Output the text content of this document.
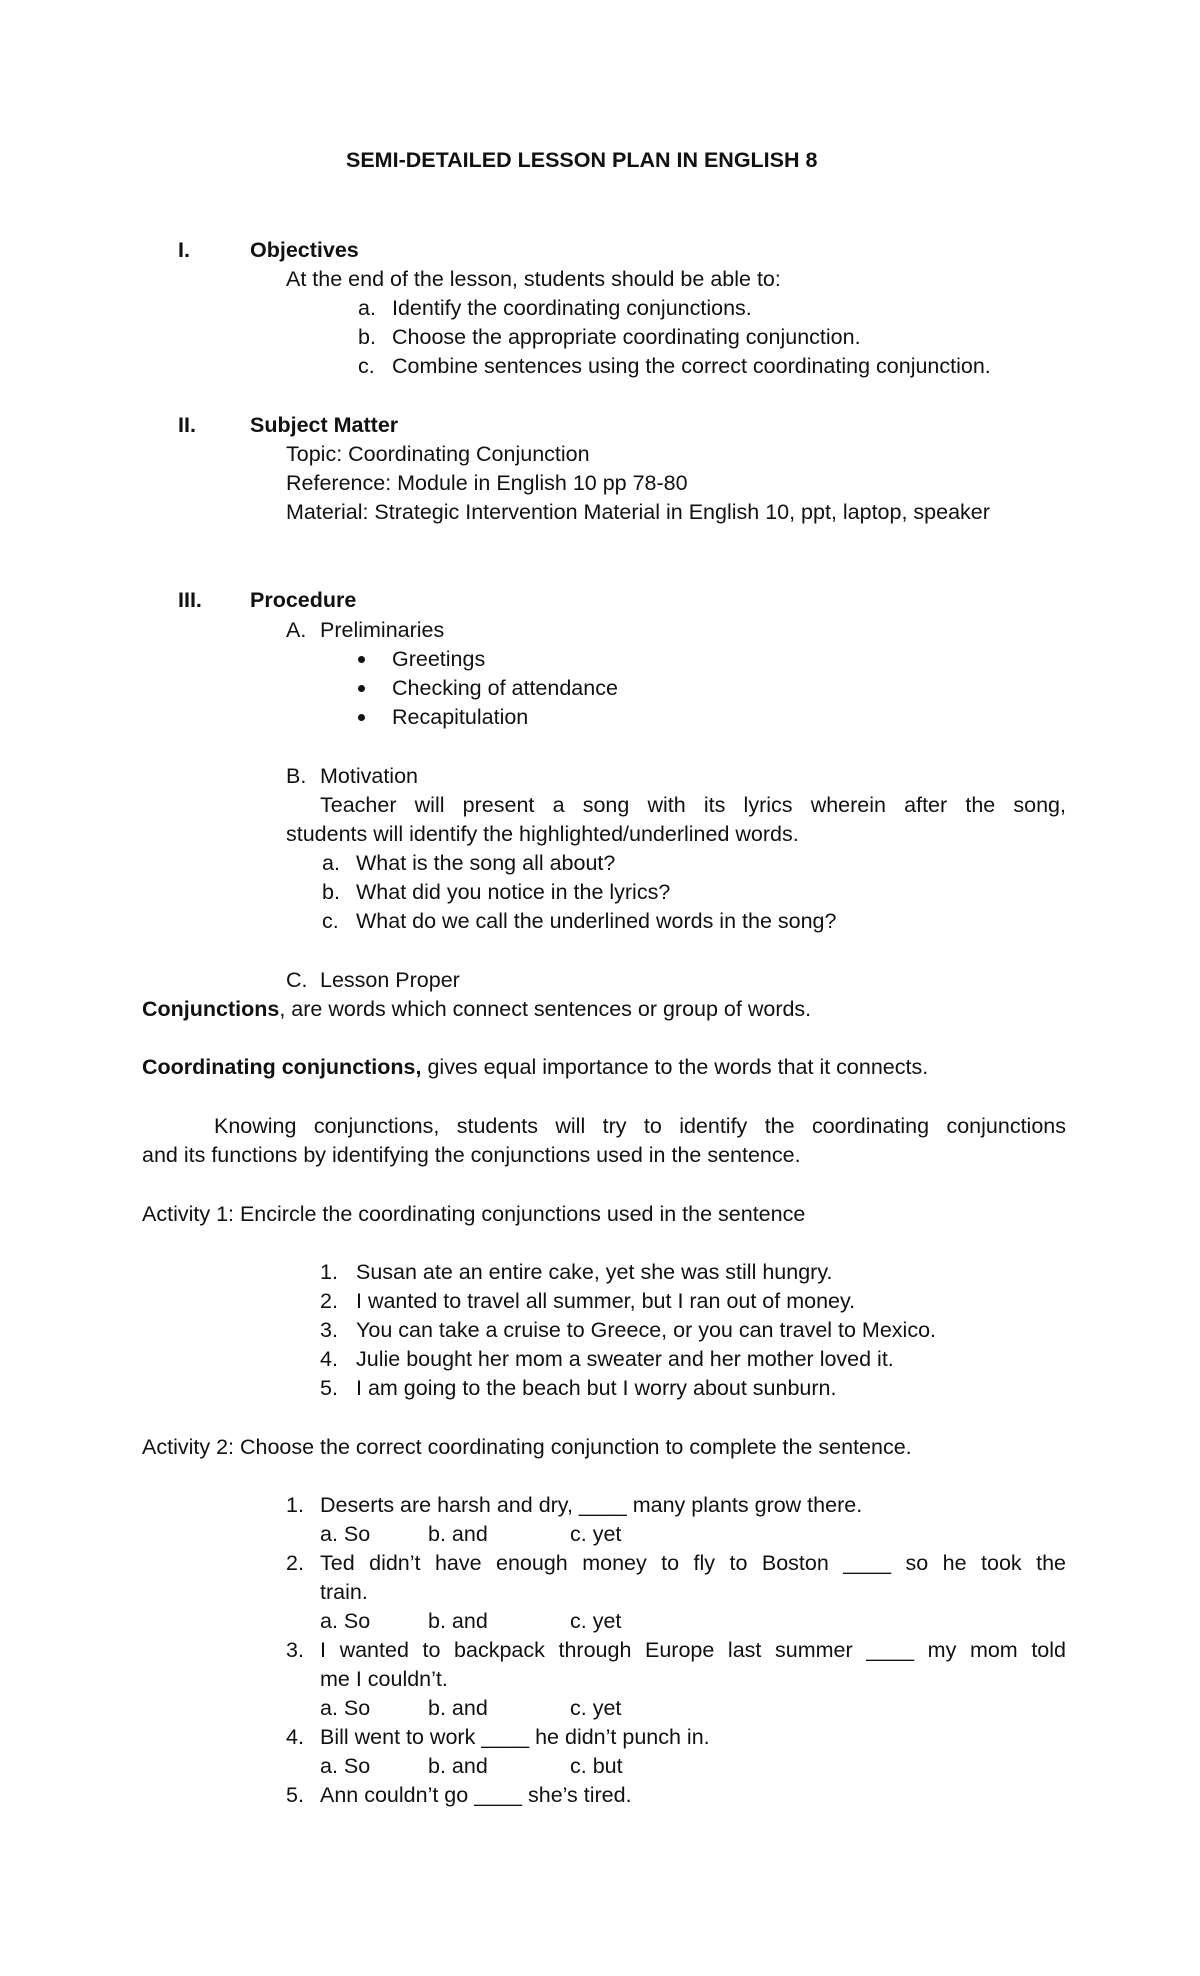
SEMI-DETAILED LESSON PLAN IN ENGLISH 8
I.	Objectives
At the end of the lesson, students should be able to:
a. Identify the coordinating conjunctions.
b. Choose the appropriate coordinating conjunction.
c. Combine sentences using the correct coordinating conjunction.
II.	Subject Matter
Topic: Coordinating Conjunction
Reference: Module in English 10 pp 78-80
Material: Strategic Intervention Material in English 10, ppt, laptop, speaker
III. Procedure
A. Preliminaries
Greetings
Checking of attendance
Recapitulation
B. Motivation
Teacher will present a song with its lyrics wherein after the song,
students will identify the highlighted/underlined words.
a. What is the song all about?
b. What did you notice in the lyrics?
c. What do we call the underlined words in the song?
C. Lesson Proper
Conjunctions, are words which connect sentences or group of words.
Coordinating conjunctions, gives equal importance to the words that it connects.
Knowing conjunctions, students will try to identify the coordinating conjunctions
and its functions by identifying the conjunctions used in the sentence.
Activity 1: Encircle the coordinating conjunctions used in the sentence
1. Susan ate an entire cake, yet she was still hungry.
2. I wanted to travel all summer, but I ran out of money.
3. You can take a cruise to Greece, or you can travel to Mexico.
4. Julie bought her mom a sweater and her mother loved it.
5. I am going to the beach but I worry about sunburn.
Activity 2: Choose the correct coordinating conjunction to complete the sentence.
1. Deserts are harsh and dry, ____ many plants grow there.
a. So	b. and	c. yet
2. Ted didn’t have enough money to fly to Boston ____ so he took the
train.
a. So	b. and	c. yet
3. I wanted to backpack through Europe last summer ____ my mom told
me I couldn’t.
a. So	b. and	c. yet
4. Bill went to work ____ he didn’t punch in.
a. So	b. and	c. but
5. Ann couldn’t go ____ she’s tired.
